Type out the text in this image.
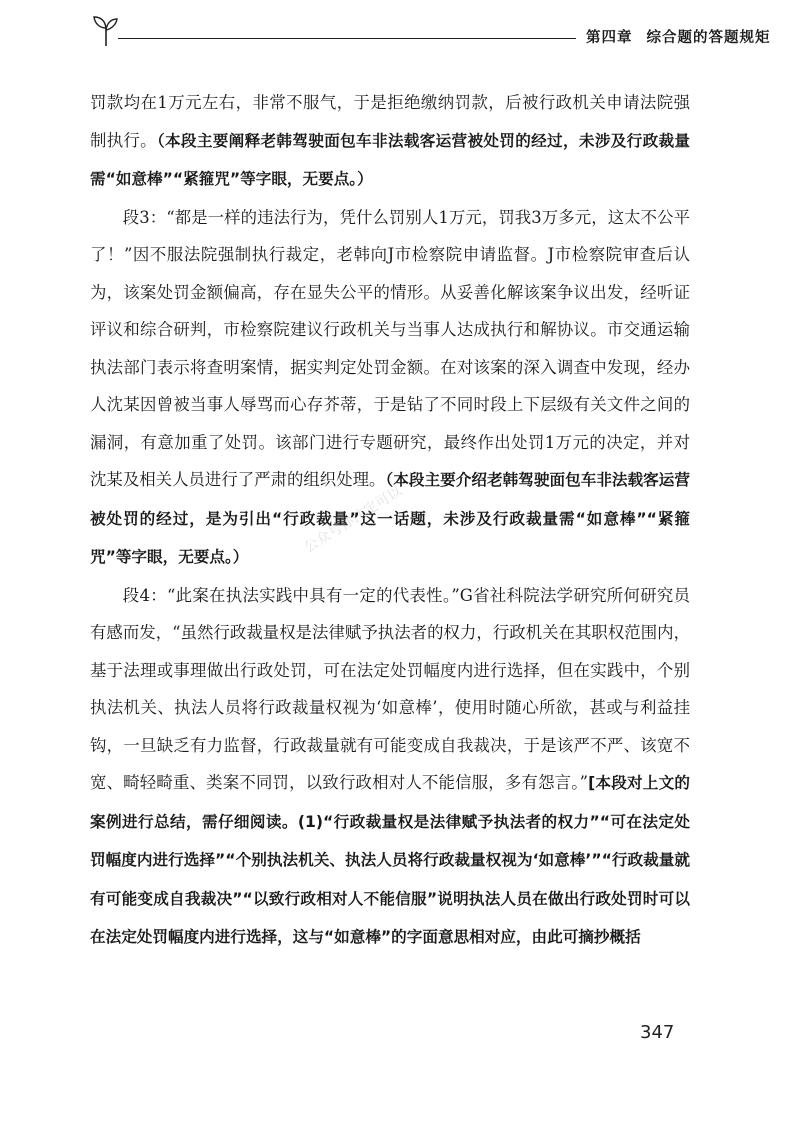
第四章 综合题的答题规矩

罚款均在1万元左右，非常不服气，于是拒绝缴纳罚款，后被行政机关申请法院强制执行。（本段主要阐释老韩驾驶面包车非法载客运营被处罚的经过，未涉及行政裁量需“如意棒”“紧箍咒”等字眼，无要点。）

段3：“都是一样的违法行为，凭什么罚别人1万元，罚我3万多元，这太不公平了！”因不服法院强制执行裁定，老韩向J市检察院申请监督。J市检察院审查后认为，该案处罚金额偏高，存在显失公平的情形。从妥善化解该案争议出发，经听证评议和综合研判，市检察院建议行政机关与当事人达成执行和解协议。市交通运输执法部门表示将查明案情，据实判定处罚金额。在对该案的深入调查中发现，经办人沈某因曾被当事人辱骂而心存芥蒂，于是钻了不同时段上下层级有关文件之间的漏洞，有意加重了处罚。该部门进行专题研究，最终作出处罚1万元的决定，并对沈某及相关人员进行了严肃的组织处理。（本段主要介绍老韩驾驶面包车非法载客运营被处罚的经过，是为引出“行政裁量”这一话题，未涉及行政裁量需“如意棒”“紧箍咒”等字眼，无要点。）

段4：“此案在执法实践中具有一定的代表性。”G省社科院法学研究所何研究员有感而发，“虽然行政裁量权是法律赋予执法者的权力，行政机关在其职权范围内，基于法理或事理做出行政处罚，可在法定处罚幅度内进行选择，但在实践中，个别执法机关、执法人员将行政裁量权视为‘如意棒’，使用时随心所欲，甚或与利益挂钩，一旦缺乏有力监督，行政裁量就有可能变成自我裁决，于是该严不严、该宽不宽、畸轻畸重、类案不同罚，以致行政相对人不能信服，多有怨言。”[本段对上文的案例进行总结，需仔细阅读。(1)“行政裁量权是法律赋予执法者的权力”“可在法定处罚幅度内进行选择”“个别执法机关、执法人员将行政裁量权视为‘如意棒’”“行政裁量就有可能变成自我裁决”“以致行政相对人不能信服”说明执法人员在做出行政处罚时可以在法定处罚幅度内进行选择，这与“如意棒”的字面意思相对应，由此可摘抄概括

公众号你注定可以
347
